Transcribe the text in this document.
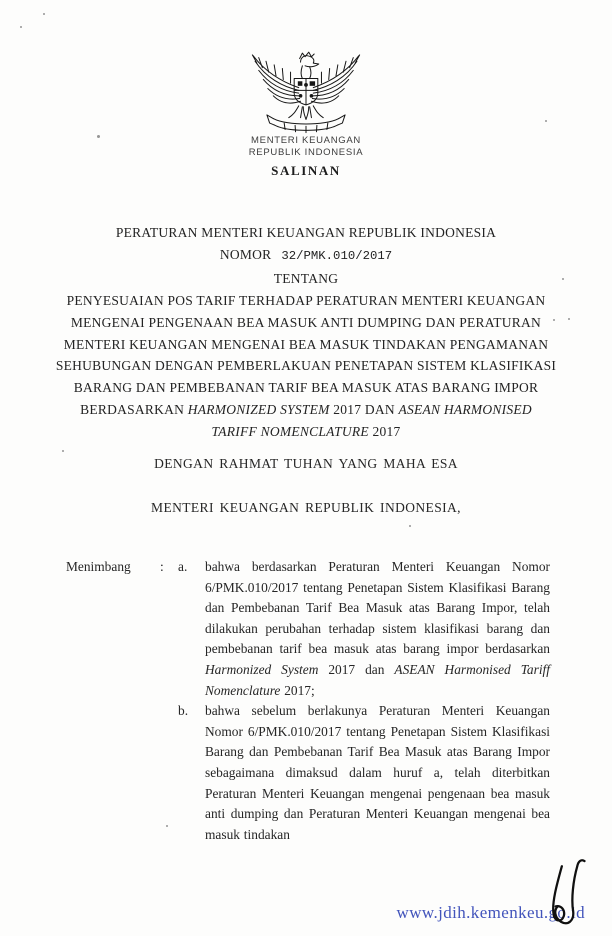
MENTERI KEUANGAN
REPUBLIK INDONESIA
SALINAN
PERATURAN MENTERI KEUANGAN REPUBLIK INDONESIA
NOMOR 32/PMK.010/2017
TENTANG
PENYESUAIAN POS TARIF TERHADAP PERATURAN MENTERI KEUANGAN
MENGENAI PENGENAAN BEA MASUK ANTI DUMPING DAN PERATURAN
MENTERI KEUANGAN MENGENAI BEA MASUK TINDAKAN PENGAMANAN
SEHUBUNGAN DENGAN PEMBERLAKUAN PENETAPAN SISTEM KLASIFIKASI
BARANG DAN PEMBEBANAN TARIF BEA MASUK ATAS BARANG IMPOR
BERDASARKAN HARMONIZED SYSTEM 2017 DAN ASEAN HARMONISED
TARIFF NOMENCLATURE 2017
DENGAN RAHMAT TUHAN YANG MAHA ESA
MENTERI KEUANGAN REPUBLIK INDONESIA,
Menimbang	:	a.	bahwa berdasarkan Peraturan Menteri Keuangan Nomor 6/PMK.010/2017 tentang Penetapan Sistem Klasifikasi Barang dan Pembebanan Tarif Bea Masuk atas Barang Impor, telah dilakukan perubahan terhadap sistem klasifikasi barang dan pembebanan tarif bea masuk atas barang impor berdasarkan Harmonized System 2017 dan ASEAN Harmonised Tariff Nomenclature 2017;
b.	bahwa sebelum berlakunya Peraturan Menteri Keuangan Nomor 6/PMK.010/2017 tentang Penetapan Sistem Klasifikasi Barang dan Pembebanan Tarif Bea Masuk atas Barang Impor sebagaimana dimaksud dalam huruf a, telah diterbitkan Peraturan Menteri Keuangan mengenai pengenaan bea masuk anti dumping dan Peraturan Menteri Keuangan mengenai bea masuk tindakan
www.jdih.kemenkeu.go.id
